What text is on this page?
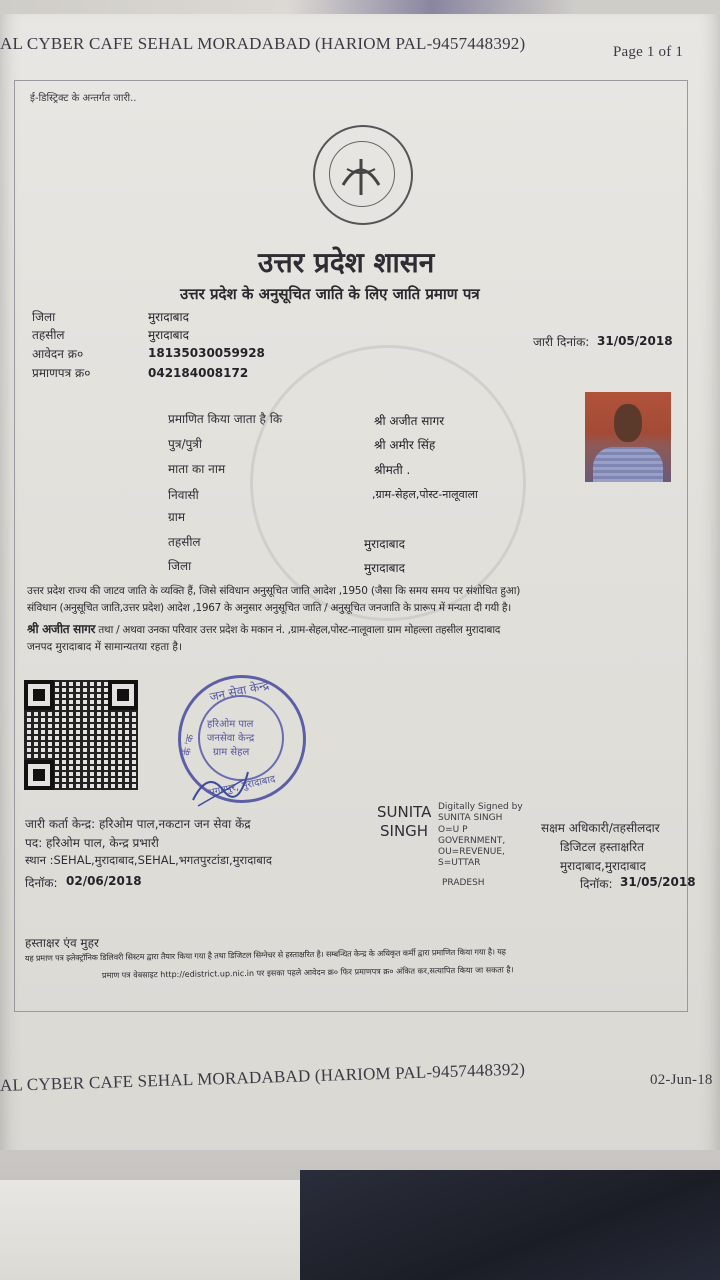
AL CYBER CAFE SEHAL MORADABAD (HARIOM PAL-9457448392)	Page 1 of 1
ई-डिस्ट्रिक्ट के अन्तर्गत जारी..
उत्तर प्रदेश शासन
उत्तर प्रदेश के अनुसूचित जाति के लिए जाति प्रमाण पत्र
जिला	मुरादाबाद
तहसील	मुरादाबाद
आवेदन क्र०	18135030059928
प्रमाणपत्र क्र०	042184008172
जारी दिनांक: 31/05/2018
प्रमाणित किया जाता है कि	श्री अजीत सागर
पुत्र/पुत्री	श्री अमीर सिंह
माता का नाम	श्रीमती .
निवासी	,ग्राम-सेहल,पोस्ट-नालूवाला
ग्राम
तहसील	मुरादाबाद
जिला	मुरादाबाद
उत्तर प्रदेश राज्य की जाटव जाति के व्यक्ति हैं, जिसे संविधान अनुसूचित जाति आदेश ,1950 (जैसा कि समय समय पर संशोधित हुआ)
संविधान (अनुसूचित जाति,उत्तर प्रदेश) आदेश ,1967 के अनुसार अनुसूचित जाति / अनुसूचित जनजाति के प्रारूप में मन्यता दी गयी है।
श्री अजीत सागर तथा / अथवा उनका परिवार उत्तर प्रदेश के मकान नं. ,ग्राम-सेहल,पोस्ट-नालूवाला ग्राम मोहल्ला तहसील मुरादाबाद
जनपद मुरादाबाद में सामान्यतया रहता है।
जन सेवा केन्द्र
हरिओम पाल
जनसेवा केन्द्र
ग्राम सेहल
भगतपुर, मुरादाबाद
कें 'क
जारी कर्ता केन्द्र: हरिओम पाल,नकटान जन सेवा केंद्र
पद: हरिओम पाल, केन्द्र प्रभारी
स्थान :SEHAL,मुरादाबाद,SEHAL,भगतपुरटांडा,मुरादाबाद
दिनॉक: 02/06/2018
SUNITA
SINGH
Digitally Signed by
SUNITA SINGH
O=U P
GOVERNMENT,
OU=REVENUE,
S=UTTAR
PRADESH
सक्षम अधिकारी/तहसीलदार
डिजिटल हस्ताक्षरित
मुरादाबाद,मुरादाबाद
दिनॉक: 31/05/2018
हस्ताक्षर एंव मुहर
यह प्रमाण पत्र इलेक्ट्रॉनिक डिलिवरी सिस्टम द्वारा तैयार किया गया है तथा डिजिटल सिग्नेचर से हस्ताक्षरित है। सम्बन्धित केन्द्र के अधिकृत कर्मी द्वारा प्रमाणित किया गया है। यह
प्रमाण पत्र वेबसाइट http://edistrict.up.nic.in पर इसका पहले आवेदन क्र० फिर प्रमाणपत्र क्र० अंकित कर,सत्यापित किया जा सकता है।
AL CYBER CAFE SEHAL MORADABAD (HARIOM PAL-9457448392)	02-Jun-18
